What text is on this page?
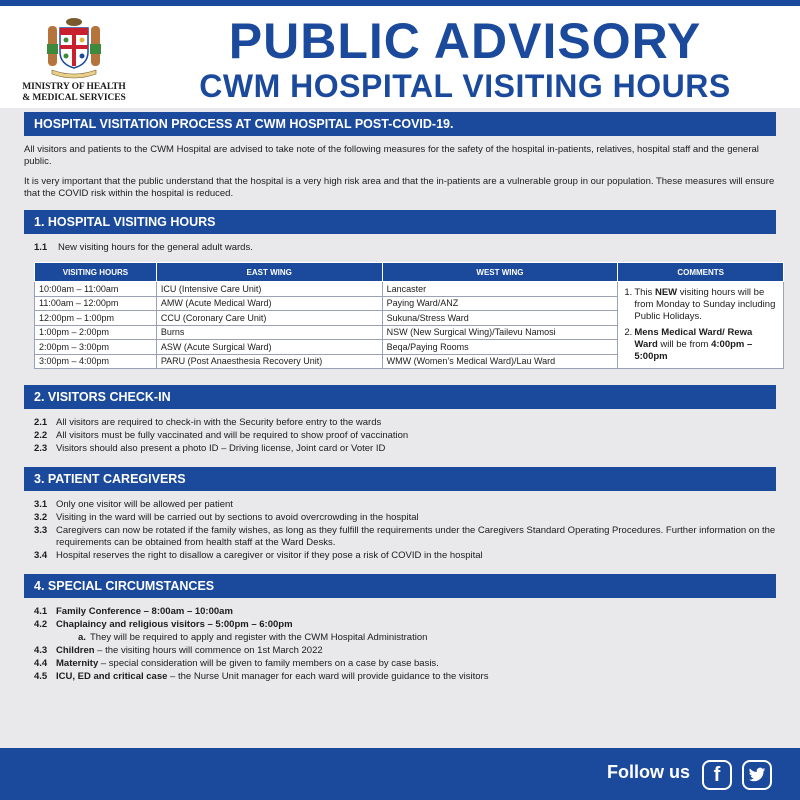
MINISTRY OF HEALTH
& MEDICAL SERVICES
PUBLIC ADVISORY
CWM HOSPITAL VISITING HOURS
HOSPITAL VISITATION PROCESS AT CWM HOSPITAL POST-COVID-19.
All visitors and patients to the CWM Hospital are advised to take note of the following measures for the safety of the hospital in-patients, relatives, hospital staff and the general public.
It is very important that the public understand that the hospital is a very high risk area and that the in-patients are a vulnerable group in our population. These measures will ensure that the COVID risk within the hospital is reduced.
1. HOSPITAL VISITING HOURS
1.1	New visiting hours for the general adult wards.
VISITING HOURS	EAST WING	WEST WING	COMMENTS
10:00am – 11:00am	ICU (Intensive Care Unit)	Lancaster	1. This NEW visiting hours will be from Monday to Sunday including Public Holidays.
2. Mens Medical Ward/ Rewa Ward will be from 4:00pm – 5:00pm

11:00am – 12:00pm	AMW (Acute Medical Ward)	Paying Ward/ANZ	
12:00pm – 1:00pm	CCU (Coronary Care Unit)	Sukuna/Stress Ward	
1:00pm – 2:00pm	Burns	NSW (New Surgical Wing)/Tailevu Namosi	
2:00pm – 3:00pm	ASW (Acute Surgical Ward)	Beqa/Paying Rooms	
3:00pm – 4:00pm	PARU (Post Anaesthesia Recovery Unit)	WMW (Women’s Medical Ward)/Lau Ward	
2. VISITORS CHECK-IN
2.1 All visitors are required to check-in with the Security before entry to the wards
2.2 All visitors must be fully vaccinated and will be required to show proof of vaccination
2.3 Visitors should also present a photo ID – Driving license, Joint card or Voter ID
3. PATIENT CAREGIVERS
3.1 Only one visitor will be allowed per patient
3.2 Visiting in the ward will be carried out by sections to avoid overcrowding in the hospital
3.3 Caregivers can now be rotated if the family wishes, as long as they fulfill the requirements under the Caregivers Standard Operating Procedures. Further information on the requirements can be obtained from health staff at the Ward Desks.
3.4 Hospital reserves the right to disallow a caregiver or visitor if they pose a risk of COVID in the hospital
4. SPECIAL CIRCUMSTANCES
4.1 Family Conference – 8:00am – 10:00am
4.2 Chaplaincy and religious visitors – 5:00pm – 6:00pm
a. They will be required to apply and register with the CWM Hospital Administration
4.3 Children – the visiting hours will commence on 1st March 2022
4.4 Maternity – special consideration will be given to family members on a case by case basis.
4.5 ICU, ED and critical case – the Nurse Unit manager for each ward will provide guidance to the visitors
Follow us	f
